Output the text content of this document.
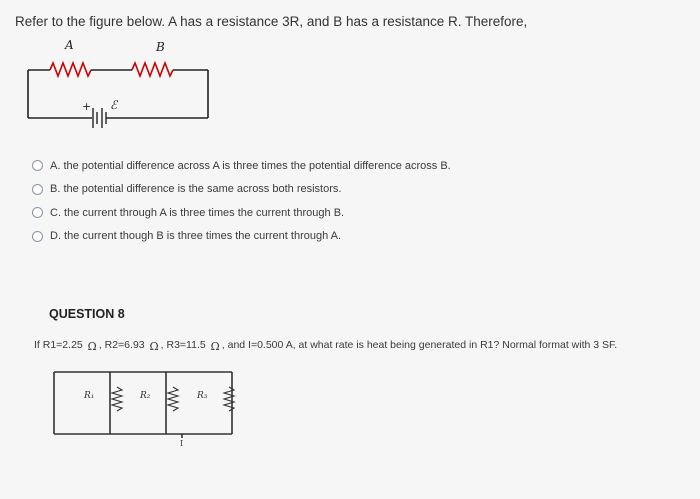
Refer to the figure below. A has a resistance 3R, and B has a resistance R. Therefore,
A	B
+ ℰ
A. the potential difference across A is three times the potential difference across B.
B. the potential difference is the same across both resistors.
C. the current through A is three times the current through B.
D. the current though B is three times the current through A.
QUESTION 8
If R1=2.25 Ω , R2=6.93 Ω , R3=11.5 Ω , and I=0.500 A, at what rate is heat being generated in R1? Normal format with 3 SF.
R₁	R₂	R₃
I
